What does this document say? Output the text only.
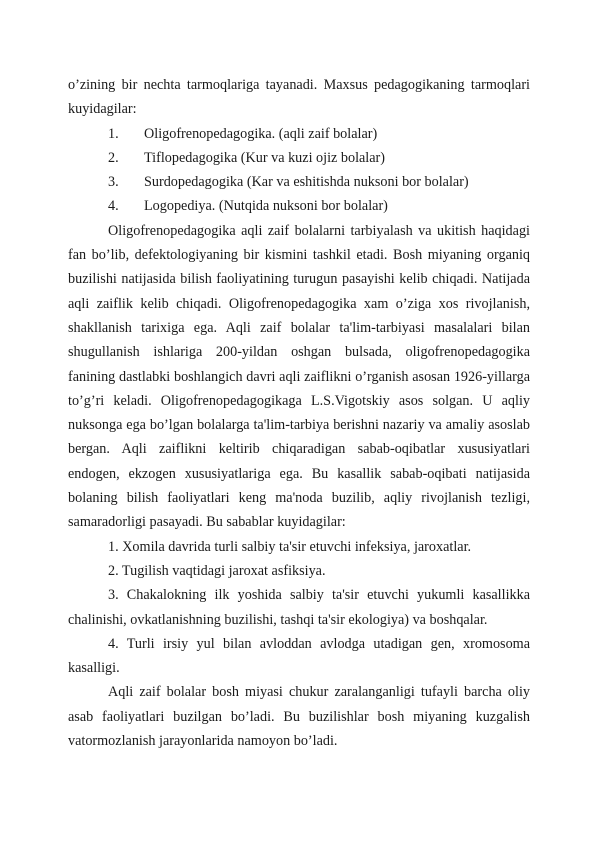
o’zining bir nechta tarmoqlariga tayanadi. Maxsus pedagogikaning tarmoqlari kuyidagilar:

1.	Oligofrenopedagogika. (aqli zaif bolalar)
2.	Tiflopedagogika (Kur va kuzi ojiz bolalar)
3.	Surdopedagogika (Kar va eshitishda nuksoni bor bolalar)
4.	Logopediya. (Nutqida nuksoni bor bolalar)

Oligofrenopedagogika aqli zaif bolalarni tarbiyalash va ukitish haqidagi fan bo’lib, defektologiyaning bir kismini tashkil etadi. Bosh miyaning organiq buzilishi natijasida bilish faoliyatining turugun pasayishi kelib chiqadi. Natijada aqli zaiflik kelib chiqadi. Oligofrenopedagogika xam o’ziga xos rivojlanish, shakllanish tarixiga ega. Aqli zaif bolalar ta'lim-tarbiyasi masalalari bilan shugullanish ishlariga 200-yildan oshgan bulsada, oligofrenopedagogika fanining dastlabki boshlangich davri aqli zaiflikni o’rganish asosan 1926-yillarga to’g’ri keladi. Oligofrenopedagogikaga L.S.Vigotskiy asos solgan. U aqliy nuksonga ega bo’lgan bolalarga ta'lim-tarbiya berishni nazariy va amaliy asoslab bergan. Aqli zaiflikni keltirib chiqaradigan sabab-oqibatlar xususiyatlari endogen, ekzogen xususiyatlariga ega. Bu kasallik sabab-oqibati natijasida bolaning bilish faoliyatlari keng ma'noda buzilib, aqliy rivojlanish tezligi, samaradorligi pasayadi. Bu sabablar kuyidagilar:

1. Xomila davrida turli salbiy ta'sir etuvchi infeksiya, jaroxatlar.

2. Tugilish vaqtidagi jaroxat asfiksiya.

3. Chakalokning ilk yoshida salbiy ta'sir etuvchi yukumli kasallikka chalinishi, ovkatlanishning buzilishi, tashqi ta'sir ekologiya) va boshqalar.

4. Turli irsiy yul bilan avloddan avlodga utadigan gen, xromosoma kasalligi.

Aqli zaif bolalar bosh miyasi chukur zaralanganligi tufayli barcha oliy asab faoliyatlari buzilgan bo’ladi. Bu buzilishlar bosh miyaning kuzgalish vatormozlanish jarayonlarida namoyon bo’ladi.
